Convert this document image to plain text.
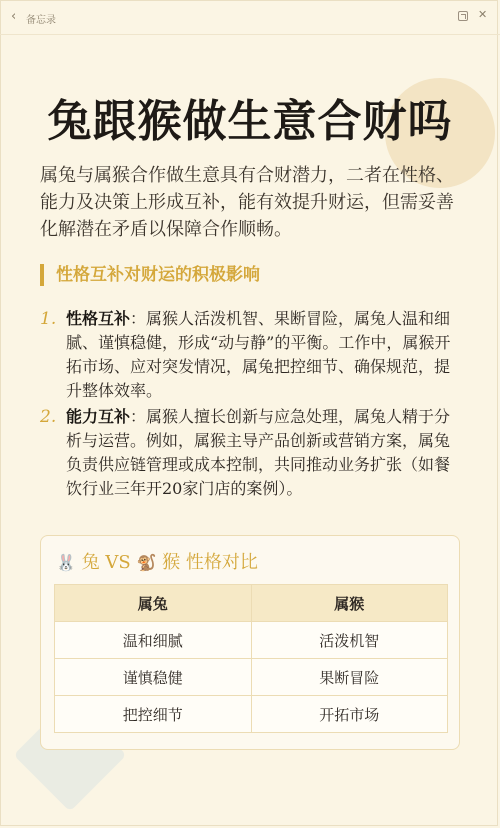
‹ 备忘录	✕
兔跟猴做生意合财吗

属兔与属猴合作做生意具有合财潜力，二者在性格、能力及决策上形成互补，能有效提升财运，但需妥善化解潜在矛盾以保障合作顺畅。

性格互补对财运的积极影响
1. 性格互补：属猴人活泼机智、果断冒险，属兔人温和细腻、谨慎稳健，形成“动与静”的平衡。工作中，属猴开拓市场、应对突发情况，属兔把控细节、确保规范，提升整体效率。
2. 能力互补：属猴人擅长创新与应急处理，属兔人精于分析与运营。例如，属猴主导产品创新或营销方案，属兔负责供应链管理或成本控制，共同推动业务扩张（如餐饮行业三年开20家门店的案例）。
🐰 兔 VS 🐒 猴 性格对比
属兔	属猴
温和细腻	活泼机智
谨慎稳健	果断冒险
把控细节	开拓市场
